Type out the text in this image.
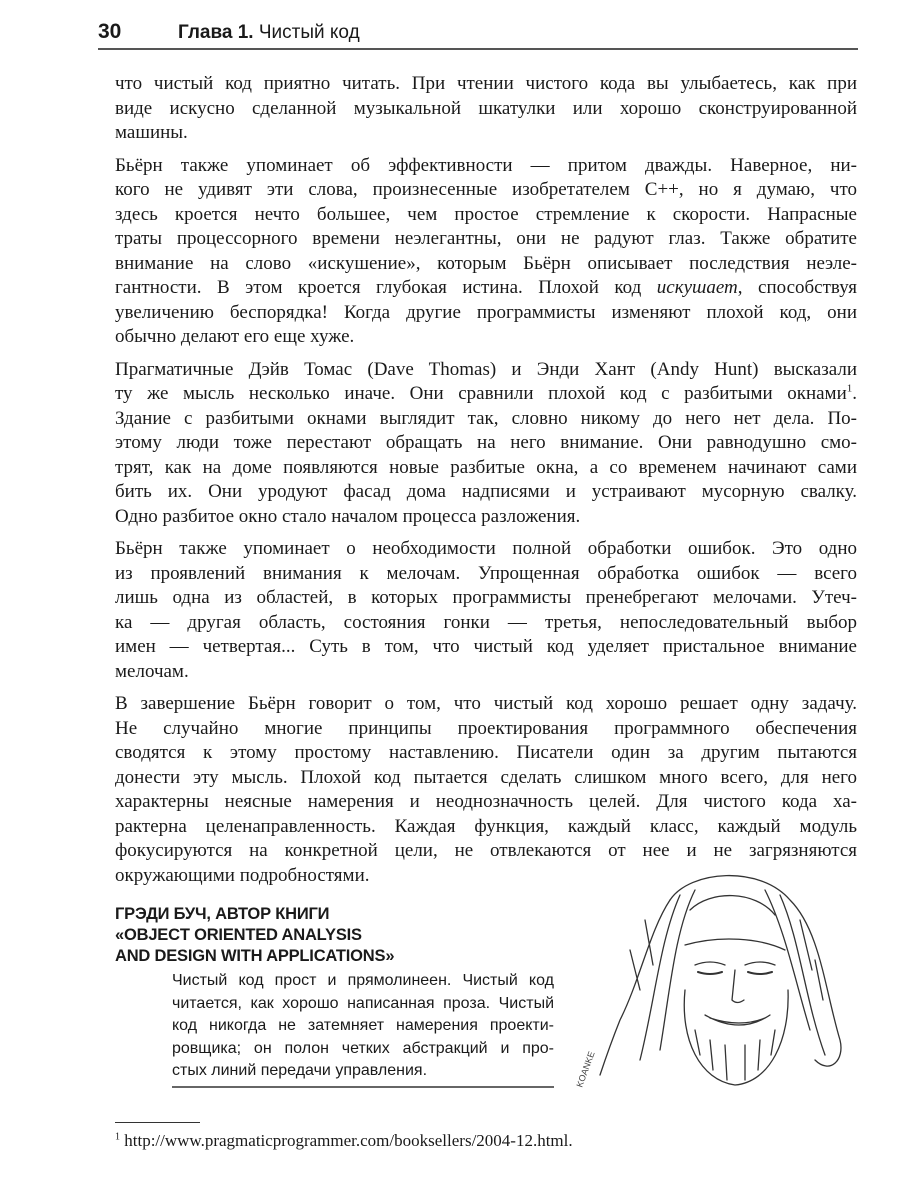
30	Глава 1. Чистый код
что чистый код приятно читать. При чтении чистого кода вы улыбаетесь, как при
виде искусно сделанной музыкальной шкатулки или хорошо сконструированной
машины.
Бьёрн также упоминает об эффективности — притом дважды. Наверное, ни-
кого не удивят эти слова, произнесенные изобретателем C++, но я думаю, что
здесь кроется нечто большее, чем простое стремление к скорости. Напрасные
траты процессорного времени неэлегантны, они не радуют глаз. Также обратите
внимание на слово «искушение», которым Бьёрн описывает последствия неэле-
гантности. В этом кроется глубокая истина. Плохой код искушает, способствуя
увеличению беспорядка! Когда другие программисты изменяют плохой код, они
обычно делают его еще хуже.
Прагматичные Дэйв Томас (Dave Thomas) и Энди Хант (Andy Hunt) высказали
ту же мысль несколько иначе. Они сравнили плохой код с разбитыми окнами$^1$.
Здание с разбитыми окнами выглядит так, словно никому до него нет дела. По-
этому люди тоже перестают обращать на него внимание. Они равнодушно смо-
трят, как на доме появляются новые разбитые окна, а со временем начинают сами
бить их. Они уродуют фасад дома надписями и устраивают мусорную свалку.
Одно разбитое окно стало началом процесса разложения.
Бьёрн также упоминает о необходимости полной обработки ошибок. Это одно
из проявлений внимания к мелочам. Упрощенная обработка ошибок — всего
лишь одна из областей, в которых программисты пренебрегают мелочами. Утеч-
ка — другая область, состояния гонки — третья, непоследовательный выбор
имен — четвертая... Суть в том, что чистый код уделяет пристальное внимание
мелочам.
В завершение Бьёрн говорит о том, что чистый код хорошо решает одну задачу.
Не случайно многие принципы проектирования программного обеспечения
сводятся к этому простому наставлению. Писатели один за другим пытаются
донести эту мысль. Плохой код пытается сделать слишком много всего, для него
характерны неясные намерения и неоднозначность целей. Для чистого кода ха-
рактерна целенаправленность. Каждая функция, каждый класс, каждый модуль
фокусируются на конкретной цели, не отвлекаются от нее и не загрязняются
окружающими подробностями.
ГРЭДИ БУЧ, АВТОР КНИГИ
«OBJECT ORIENTED ANALYSIS
AND DESIGN WITH APPLICATIONS»
Чистый код прост и прямолинеен. Чистый код
читается, как хорошо написанная проза. Чистый
код никогда не затемняет намерения проекти-
ровщика; он полон четких абстракций и про-
стых линий передачи управления.	KOANKE
$^1$ http://www.pragmaticprogrammer.com/booksellers/2004-12.html.
